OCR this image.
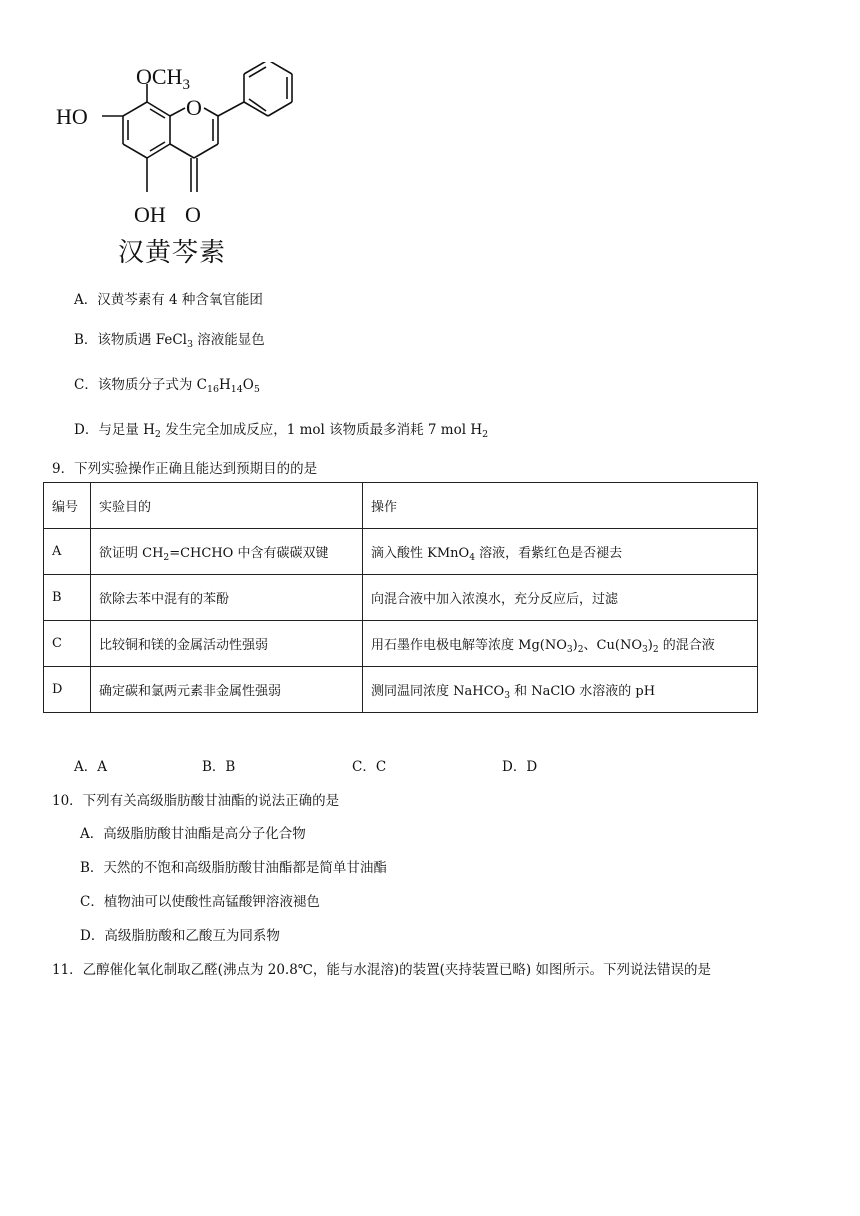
$OCH_3$
HO	O
OH O
汉黄芩素
A．汉黄芩素有 4 种含氧官能团
B．该物质遇 FeCl$_3$ 溶液能显色
C．该物质分子式为 $C_{16}H_{14}O_5$
D．与足量 $H_2$ 发生完全加成反应，1 mol 该物质最多消耗 7 mol $H_2$
9．下列实验操作正确且能达到预期目的的是
编号	实验目的	操作
A	欲证明 $CH_2=CHCHO$ 中含有碳碳双键	滴入酸性 KMnO$_4$ 溶液，看紫红色是否褪去
B	欲除去苯中混有的苯酚	向混合液中加入浓溴水，充分反应后，过滤
C	比较铜和镁的金属活动性强弱	用石墨作电极电解等浓度 $Mg(NO_3)_2$、$Cu(NO_3)_2$ 的混合液
D	确定碳和氯两元素非金属性强弱	测同温同浓度 NaHCO$_3$ 和 NaClO 水溶液的 pH
A．A	B．B	C．C	D．D
10．下列有关高级脂肪酸甘油酯的说法正确的是
A．高级脂肪酸甘油酯是高分子化合物
B．天然的不饱和高级脂肪酸甘油酯都是简单甘油酯
C．植物油可以使酸性高锰酸钾溶液褪色
D．高级脂肪酸和乙酸互为同系物
11．乙醇催化氧化制取乙醛(沸点为 20.8℃，能与水混溶)的装置(夹持装置已略) 如图所示。下列说法错误的是
